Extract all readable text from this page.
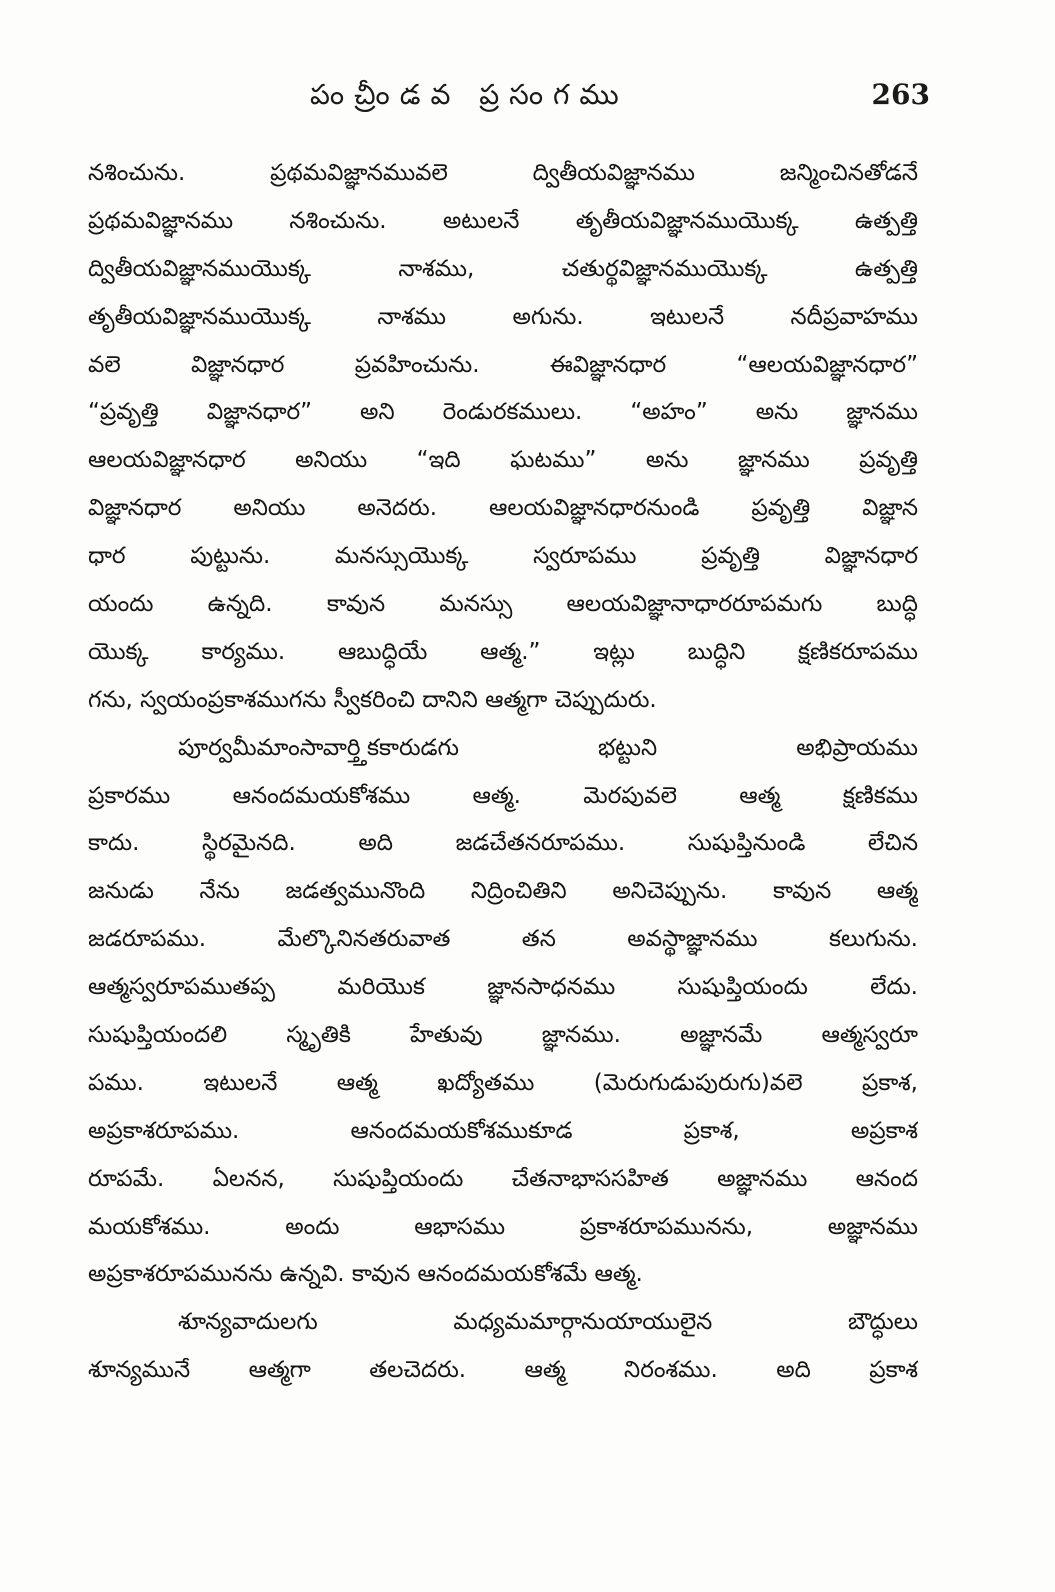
పంచ్రీండవ ప్రసంగము	263
నశించును. ప్రథమవిజ్ఞానమువలె ద్వితీయవిజ్ఞానము జన్మించినతోడనే
ప్రథమవిజ్ఞానము నశించును. అటులనే తృతీయవిజ్ఞానముయొక్క ఉత్పత్తి
ద్వితీయవిజ్ఞానముయొక్క నాశము, చతుర్థవిజ్ఞానముయొక్క ఉత్పత్తి
తృతీయవిజ్ఞానముయొక్క నాశము అగును. ఇటులనే నదీప్రవాహము
వలె విజ్ఞానధార ప్రవహించును. ఈవిజ్ఞానధార “ఆలయవిజ్ఞానధార”
“ప్రవృత్తి విజ్ఞానధార” అని రెండురకములు. “అహం” అను జ్ఞానము
ఆలయవిజ్ఞానధార అనియు “ఇది ఘటము” అను జ్ఞానము ప్రవృత్తి
విజ్ఞానధార అనియు అనెదరు. ఆలయవిజ్ఞానధారనుండి ప్రవృత్తి విజ్ఞాన
ధార పుట్టును. మనస్సుయొక్క స్వరూపము ప్రవృత్తి విజ్ఞానధార
యందు ఉన్నది. కావున మనస్సు ఆలయవిజ్ఞానాధారరూపమగు బుద్ధి
యొక్క కార్యము. ఆబుద్ధియే ఆత్మ.” ఇట్లు బుద్ధిని క్షణికరూపము
గను, స్వయంప్రకాశముగను స్వీకరించి దానిని ఆత్మగా చెప్పుదురు.
పూర్వమీమాంసావార్త్తికకారుడగు భట్టుని అభిప్రాయము
ప్రకారము ఆనందమయకోశము ఆత్మ. మెరపువలె ఆత్మ క్షణికము
కాదు. స్థిరమైనది. అది జడచేతనరూపము. సుషుప్తినుండి లేచిన
జనుడు నేను జడత్వమునొంది నిద్రించితిని అనిచెప్పును. కావున ఆత్మ
జడరూపము. మేల్కొనినతరువాత తన అవస్థాజ్ఞానము కలుగును.
ఆత్మస్వరూపముతప్ప మరియొక జ్ఞానసాధనము సుషుప్తియందు లేదు.
సుషుప్తియందలి స్మృతికి హేతువు జ్ఞానము. అజ్ఞానమే ఆత్మస్వరూ
పము. ఇటులనే ఆత్మ ఖద్యోతము (మెరుగుడుపురుగు)వలె ప్రకాశ,
అప్రకాశరూపము. ఆనందమయకోశముకూడ ప్రకాశ, అప్రకాశ
రూపమే. ఏలనన, సుషుప్తియందు చేతనాభాససహిత అజ్ఞానము ఆనంద
మయకోశము. అందు ఆభాసము ప్రకాశరూపమునను, అజ్ఞానము
అప్రకాశరూపమునను ఉన్నవి. కావున ఆనందమయకోశమే ఆత్మ.
శూన్యవాదులగు మధ్యమమార్గానుయాయులైన బౌద్ధులు
శూన్యమునే ఆత్మగా తలచెదరు. ఆత్మ నిరంశము. అది ప్రకాశ
